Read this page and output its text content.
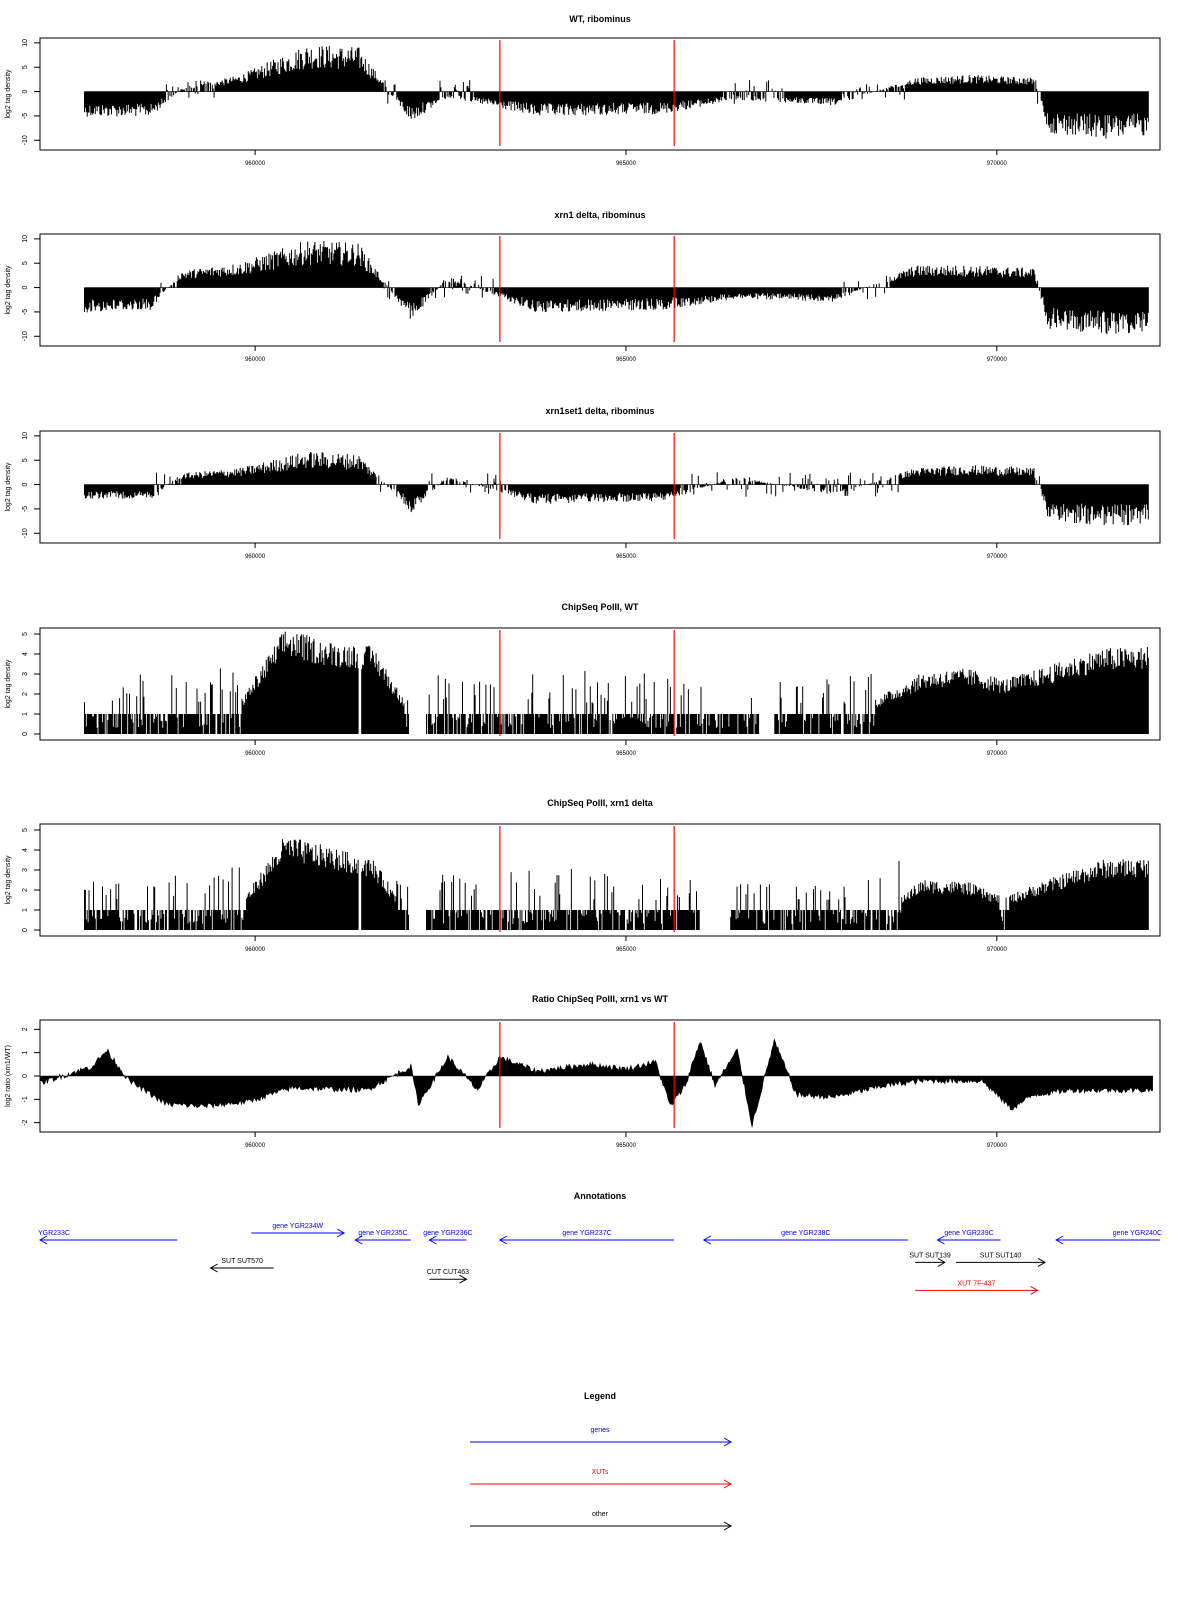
WT, ribominus
log2 tag density
-10
-5
0
5
10
960000	965000	970000
xrn1 delta, ribominus
log2 tag density
-10
-5
0
5
10
960000	965000	970000
xrn1set1 delta, ribominus
log2 tag density
-10
-5
0
5
10
960000	965000	970000
ChipSeq PolII, WT
log2 tag density
0
1
2
3
4
5
960000	965000	970000
ChipSeq PolII, xrn1 delta
log2 tag density
0
1
2
3
4
5
960000	965000	970000
Ratio ChipSeq PolII, xrn1 vs WT
log2 ratio (xrn1/WT)
-2
-1
0
1
2
960000	965000	970000
Annotations
YGR233C
gene YGR234W
gene YGR235C gene YGR236C	gene YGR237C	gene YGR238C	gene YGR239C	gene YGR240C
SUT SUT570
CUT CUT463
SUT SUT139	SUT SUT140
XUT 7F-437
Legend
genes
XUTs
other
